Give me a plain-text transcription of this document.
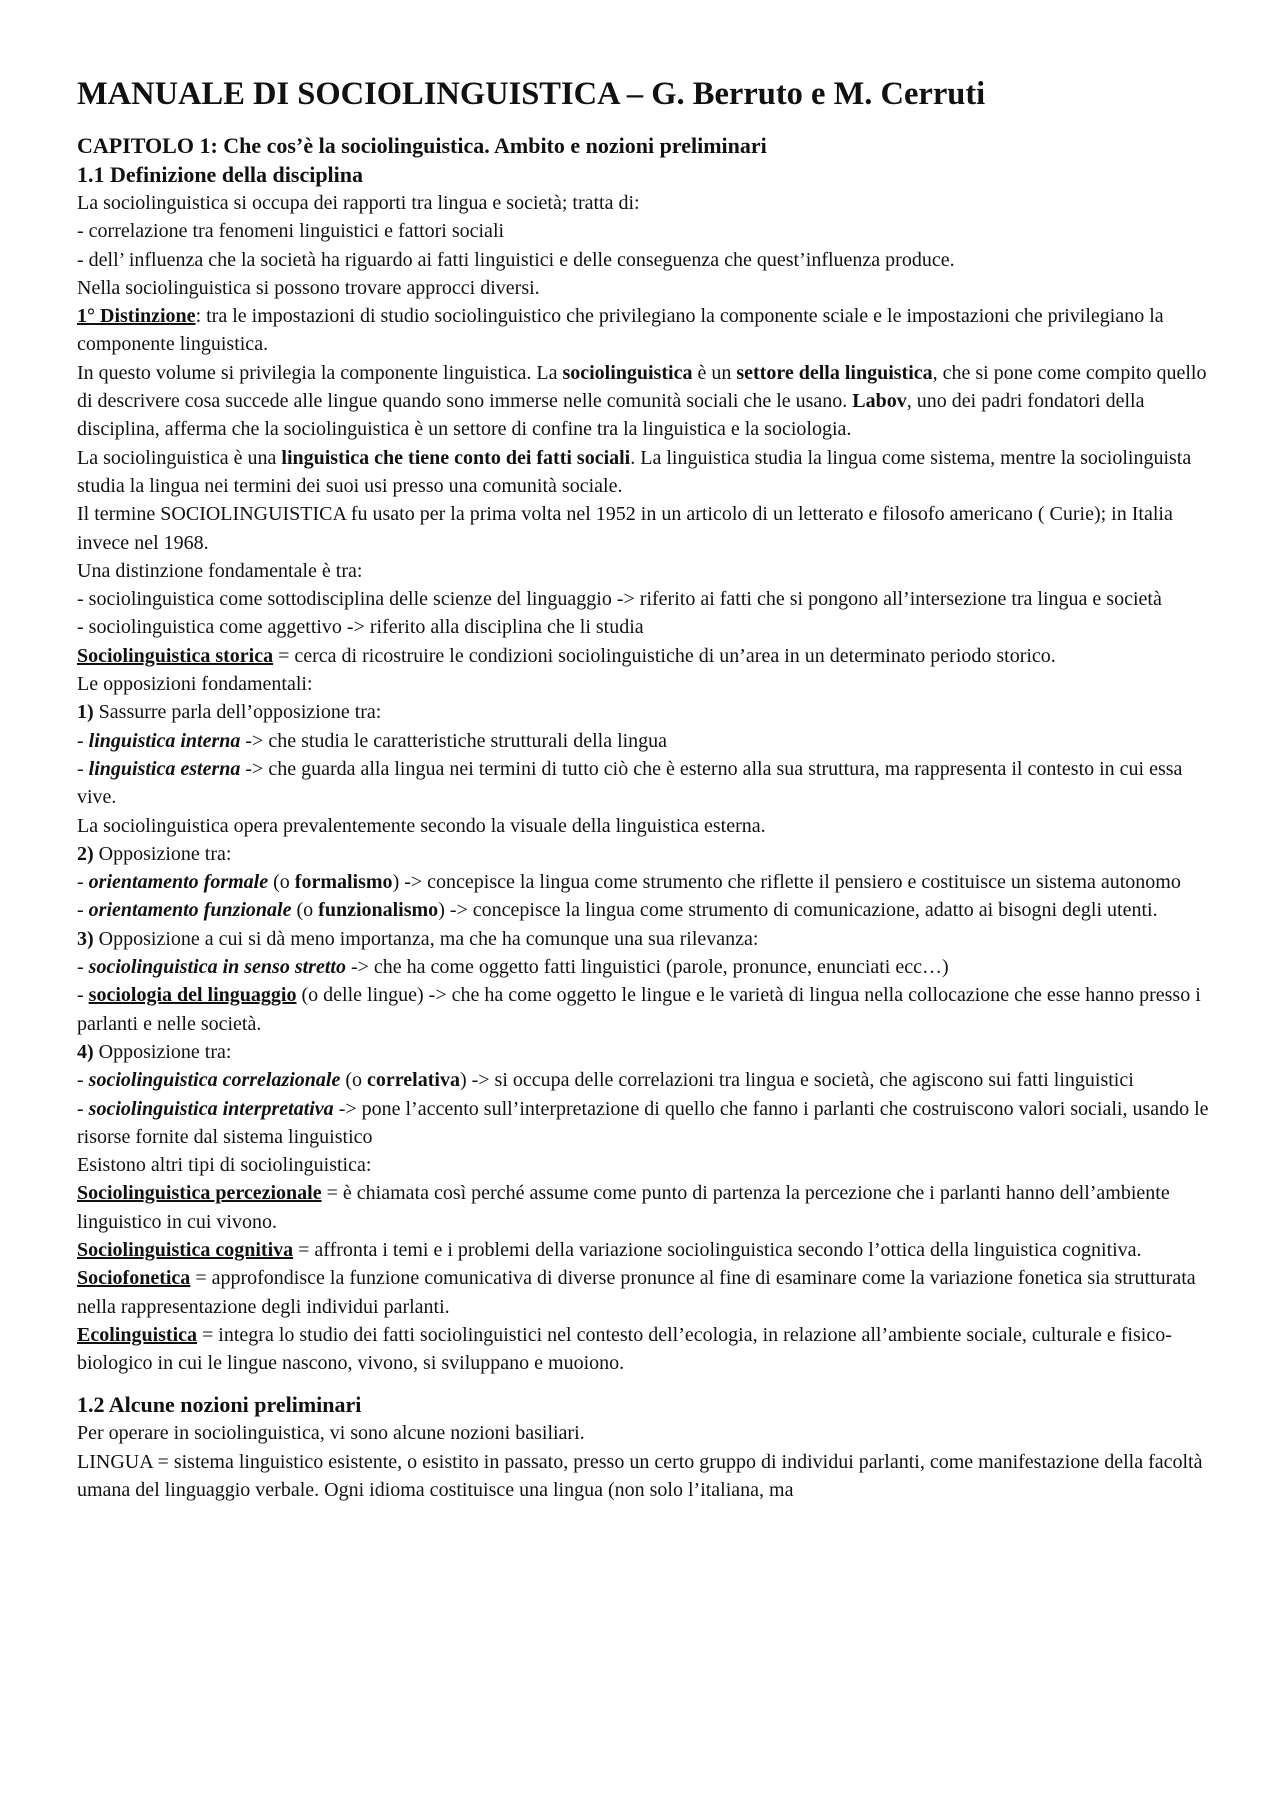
MANUALE DI SOCIOLINGUISTICA – G. Berruto e M. Cerruti
CAPITOLO 1: Che cos’è la sociolinguistica. Ambito e nozioni preliminari
1.1 Definizione della disciplina

La sociolinguistica si occupa dei rapporti tra lingua e società; tratta di:

- correlazione tra fenomeni linguistici e fattori sociali

- dell’ influenza che la società ha riguardo ai fatti linguistici e delle conseguenza che quest’influenza produce.

Nella sociolinguistica si possono trovare approcci diversi.

1° Distinzione: tra le impostazioni di studio sociolinguistico che privilegiano la componente sciale e le impostazioni che privilegiano la componente linguistica.

In questo volume si privilegia la componente linguistica. La sociolinguistica è un settore della linguistica, che si pone come compito quello di descrivere cosa succede alle lingue quando sono immerse nelle comunità sociali che le usano. Labov, uno dei padri fondatori della disciplina, afferma che la sociolinguistica è un settore di confine tra la linguistica e la sociologia.

La sociolinguistica è una linguistica che tiene conto dei fatti sociali. La linguistica studia la lingua come sistema, mentre la sociolinguista studia la lingua nei termini dei suoi usi presso una comunità sociale.

Il termine SOCIOLINGUISTICA fu usato per la prima volta nel 1952 in un articolo di un letterato e filosofo americano ( Curie); in Italia invece nel 1968.

Una distinzione fondamentale è tra:

- sociolinguistica come sottodisciplina delle scienze del linguaggio -> riferito ai fatti che si pongono all’intersezione tra lingua e società

- sociolinguistica come aggettivo -> riferito alla disciplina che li studia

Sociolinguistica storica = cerca di ricostruire le condizioni sociolinguistiche di un’area in un determinato periodo storico.

Le opposizioni fondamentali:

1) Sassurre parla dell’opposizione tra:

- linguistica interna -> che studia le caratteristiche strutturali della lingua

- linguistica esterna -> che guarda alla lingua nei termini di tutto ciò che è esterno alla sua struttura, ma rappresenta il contesto in cui essa vive.

La sociolinguistica opera prevalentemente secondo la visuale della linguistica esterna.

2) Opposizione tra:

- orientamento formale (o formalismo) -> concepisce la lingua come strumento che riflette il pensiero e costituisce un sistema autonomo

- orientamento funzionale (o funzionalismo) -> concepisce la lingua come strumento di comunicazione, adatto ai bisogni degli utenti.

3) Opposizione a cui si dà meno importanza, ma che ha comunque una sua rilevanza:

- sociolinguistica in senso stretto -> che ha come oggetto fatti linguistici (parole, pronunce, enunciati ecc…)

- sociologia del linguaggio (o delle lingue) -> che ha come oggetto le lingue e le varietà di lingua nella collocazione che esse hanno presso i parlanti e nelle società.

4) Opposizione tra:

- sociolinguistica correlazionale (o correlativa) -> si occupa delle correlazioni tra lingua e società, che agiscono sui fatti linguistici

- sociolinguistica interpretativa -> pone l’accento sull’interpretazione di quello che fanno i parlanti che costruiscono valori sociali, usando le risorse fornite dal sistema linguistico

Esistono altri tipi di sociolinguistica:

Sociolinguistica percezionale = è chiamata così perché assume come punto di partenza la percezione che i parlanti hanno dell’ambiente linguistico in cui vivono.

Sociolinguistica cognitiva = affronta i temi e i problemi della variazione sociolinguistica secondo l’ottica della linguistica cognitiva.

Sociofonetica = approfondisce la funzione comunicativa di diverse pronunce al fine di esaminare come la variazione fonetica sia strutturata nella rappresentazione degli individui parlanti.

Ecolinguistica = integra lo studio dei fatti sociolinguistici nel contesto dell’ecologia, in relazione all’ambiente sociale, culturale e fisico-biologico in cui le lingue nascono, vivono, si sviluppano e muoiono.

1.2 Alcune nozioni preliminari

Per operare in sociolinguistica, vi sono alcune nozioni basiliari.

LINGUA = sistema linguistico esistente, o esistito in passato, presso un certo gruppo di individui parlanti, come manifestazione della facoltà umana del linguaggio verbale. Ogni idioma costituisce una lingua (non solo l’italiana, ma
